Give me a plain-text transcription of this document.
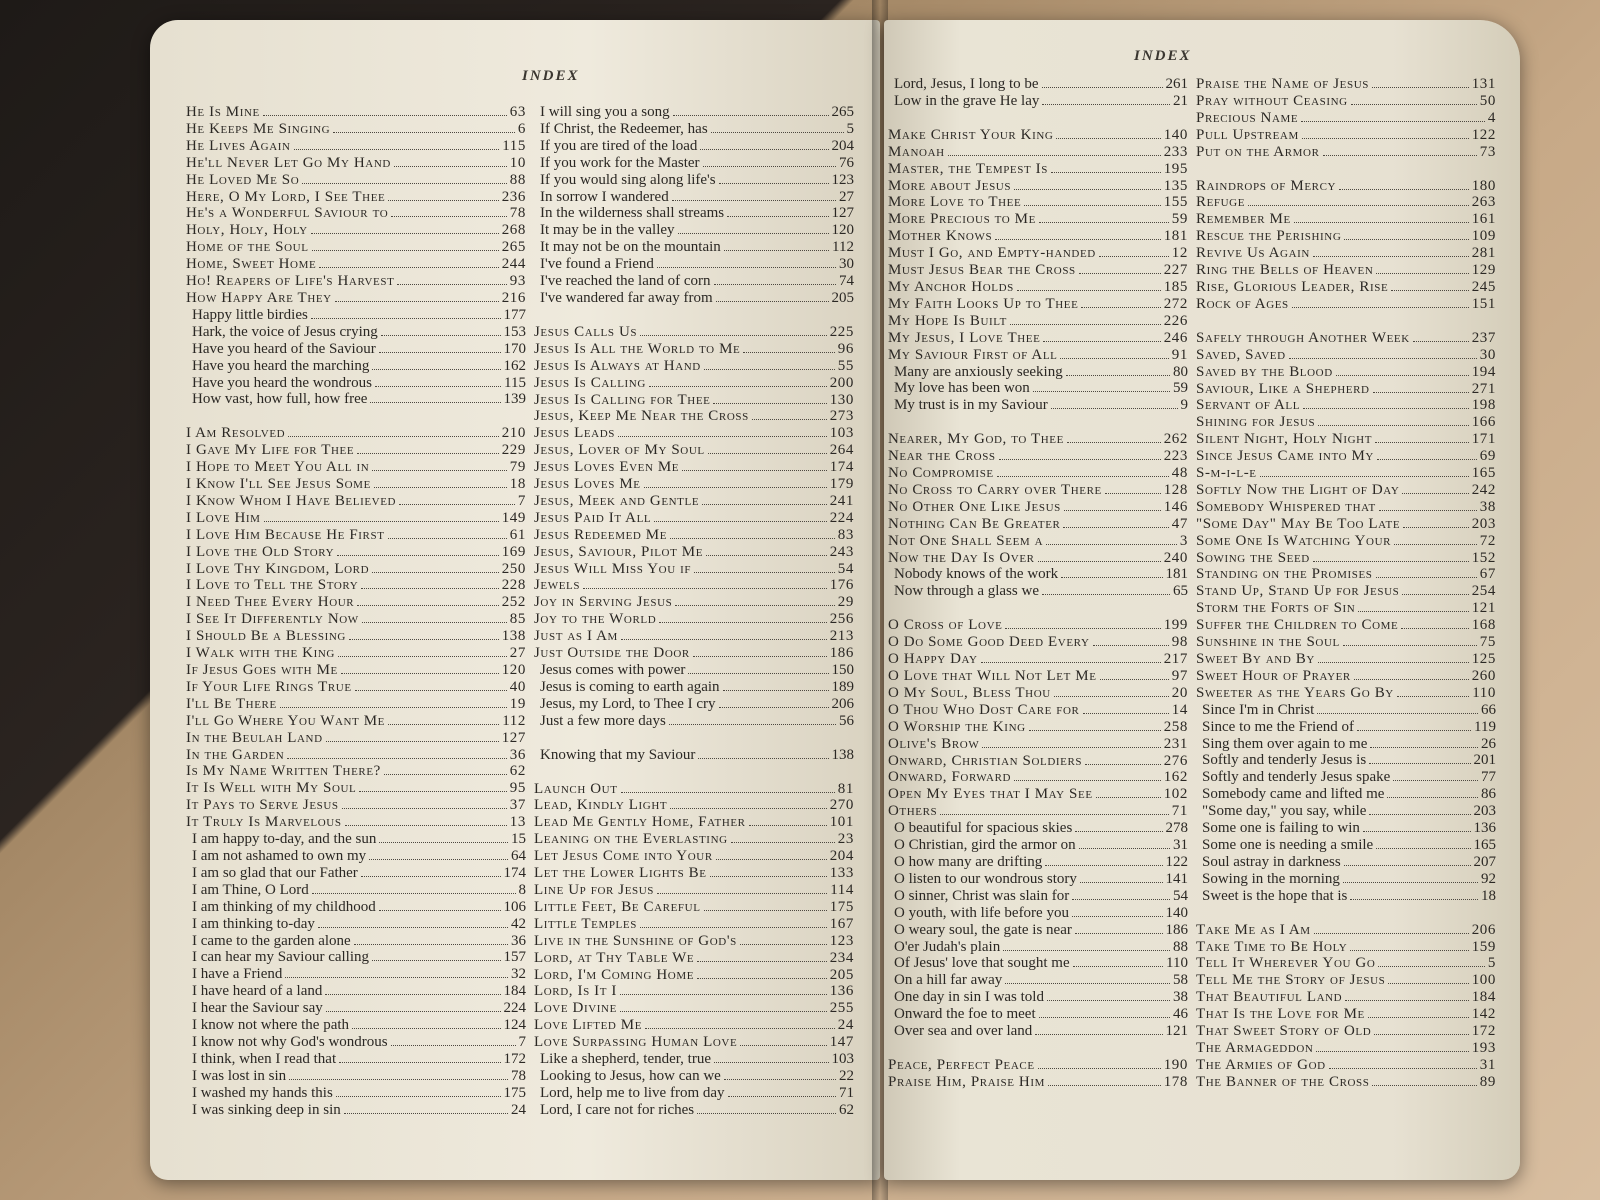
INDEX
He Is Mine	63
He Keeps Me Singing	6
He Lives Again	115
He'll Never Let Go My Hand	10
He Loved Me So	88
Here, O My Lord, I See Thee	236
He's a Wonderful Saviour to	78
Holy, Holy, Holy	268
Home of the Soul	265
Home, Sweet Home	244
Ho! Reapers of Life's Harvest	93
How Happy Are They	216
Happy little birdies	177
Hark, the voice of Jesus crying	153
Have you heard of the Saviour	170
Have you heard the marching	162
Have you heard the wondrous	115
How vast, how full, how free	139
I Am Resolved	210
I Gave My Life for Thee	229
I Hope to Meet You All in	79
I Know I'll See Jesus Some	18
I Know Whom I Have Believed	7
I Love Him	149
I Love Him Because He First	61
I Love the Old Story	169
I Love Thy Kingdom, Lord	250
I Love to Tell the Story	228
I Need Thee Every Hour	252
I See It Differently Now	85
I Should Be a Blessing	138
I Walk with the King	27
If Jesus Goes with Me	120
If Your Life Rings True	40
I'll Be There	19
I'll Go Where You Want Me	112
In the Beulah Land	127
In the Garden	36
Is My Name Written There?	62
It Is Well with My Soul	95
It Pays to Serve Jesus	37
It Truly Is Marvelous	13
I am happy to-day, and the sun	15
I am not ashamed to own my	64
I am so glad that our Father	174
I am Thine, O Lord	8
I am thinking of my childhood	106
I am thinking to-day	42
I came to the garden alone	36
I can hear my Saviour calling	157
I have a Friend	32
I have heard of a land	184
I hear the Saviour say	224
I know not where the path	124
I know not why God's wondrous	7
I think, when I read that	172
I was lost in sin	78
I washed my hands this	175
I was sinking deep in sin	24
I will sing you a song	265
If Christ, the Redeemer, has	5
If you are tired of the load	204
If you work for the Master	76
If you would sing along life's	123
In sorrow I wandered	27
In the wilderness shall streams	127
It may be in the valley	120
It may not be on the mountain	112
I've found a Friend	30
I've reached the land of corn	74
I've wandered far away from	205
Jesus Calls Us	225
Jesus Is All the World to Me	96
Jesus Is Always at Hand	55
Jesus Is Calling	200
Jesus Is Calling for Thee	130
Jesus, Keep Me Near the Cross	273
Jesus Leads	103
Jesus, Lover of My Soul	264
Jesus Loves Even Me	174
Jesus Loves Me	179
Jesus, Meek and Gentle	241
Jesus Paid It All	224
Jesus Redeemed Me	83
Jesus, Saviour, Pilot Me	243
Jesus Will Miss You if	54
Jewels	176
Joy in Serving Jesus	29
Joy to the World	256
Just as I Am	213
Just Outside the Door	186
Jesus comes with power	150
Jesus is coming to earth again	189
Jesus, my Lord, to Thee I cry	206
Just a few more days	56
Knowing that my Saviour	138
Launch Out	81
Lead, Kindly Light	270
Lead Me Gently Home, Father	101
Leaning on the Everlasting	23
Let Jesus Come into Your	204
Let the Lower Lights Be	133
Line Up for Jesus	114
Little Feet, Be Careful	175
Little Temples	167
Live in the Sunshine of God's	123
Lord, at Thy Table We	234
Lord, I'm Coming Home	205
Lord, Is It I	136
Love Divine	255
Love Lifted Me	24
Love Surpassing Human Love	147
Like a shepherd, tender, true	103
Looking to Jesus, how can we	22
Lord, help me to live from day	71
Lord, I care not for riches	62
INDEX
Lord, Jesus, I long to be	261
Low in the grave He lay	21
Make Christ Your King	140
Manoah	233
Master, the Tempest Is	195
More about Jesus	135
More Love to Thee	155
More Precious to Me	59
Mother Knows	181
Must I Go, and Empty-handed	12
Must Jesus Bear the Cross	227
My Anchor Holds	185
My Faith Looks Up to Thee	272
My Hope Is Built	226
My Jesus, I Love Thee	246
My Saviour First of All	91
Many are anxiously seeking	80
My love has been won	59
My trust is in my Saviour	9
Nearer, My God, to Thee	262
Near the Cross	223
No Compromise	48
No Cross to Carry over There	128
No Other One Like Jesus	146
Nothing Can Be Greater	47
Not One Shall Seem a	3
Now the Day Is Over	240
Nobody knows of the work	181
Now through a glass we	65
O Cross of Love	199
O Do Some Good Deed Every	98
O Happy Day	217
O Love that Will Not Let Me	97
O My Soul, Bless Thou	20
O Thou Who Dost Care for	14
O Worship the King	258
Olive's Brow	231
Onward, Christian Soldiers	276
Onward, Forward	162
Open My Eyes that I May See	102
Others	71
O beautiful for spacious skies	278
O Christian, gird the armor on	31
O how many are drifting	122
O listen to our wondrous story	141
O sinner, Christ was slain for	54
O youth, with life before you	140
O weary soul, the gate is near	186
O'er Judah's plain	88
Of Jesus' love that sought me	110
On a hill far away	58
One day in sin I was told	38
Onward the foe to meet	46
Over sea and over land	121
Peace, Perfect Peace	190
Praise Him, Praise Him	178
Praise the Name of Jesus	131
Pray without Ceasing	50
Precious Name	4
Pull Upstream	122
Put on the Armor	73
Raindrops of Mercy	180
Refuge	263
Remember Me	161
Rescue the Perishing	109
Revive Us Again	281
Ring the Bells of Heaven	129
Rise, Glorious Leader, Rise	245
Rock of Ages	151
Safely through Another Week	237
Saved, Saved	30
Saved by the Blood	194
Saviour, Like a Shepherd	271
Servant of All	198
Shining for Jesus	166
Silent Night, Holy Night	171
Since Jesus Came into My	69
S-m-i-l-e	165
Softly Now the Light of Day	242
Somebody Whispered that	38
"Some Day" May Be Too Late	203
Some One Is Watching Your	72
Sowing the Seed	152
Standing on the Promises	67
Stand Up, Stand Up for Jesus	254
Storm the Forts of Sin	121
Suffer the Children to Come	168
Sunshine in the Soul	75
Sweet By and By	125
Sweet Hour of Prayer	260
Sweeter as the Years Go By	110
Since I'm in Christ	66
Since to me the Friend of	119
Sing them over again to me	26
Softly and tenderly Jesus is	201
Softly and tenderly Jesus spake	77
Somebody came and lifted me	86
"Some day," you say, while	203
Some one is failing to win	136
Some one is needing a smile	165
Soul astray in darkness	207
Sowing in the morning	92
Sweet is the hope that is	18
Take Me as I Am	206
Take Time to Be Holy	159
Tell It Wherever You Go	5
Tell Me the Story of Jesus	100
That Beautiful Land	184
That Is the Love for Me	142
That Sweet Story of Old	172
The Armageddon	193
The Armies of God	31
The Banner of the Cross	89
